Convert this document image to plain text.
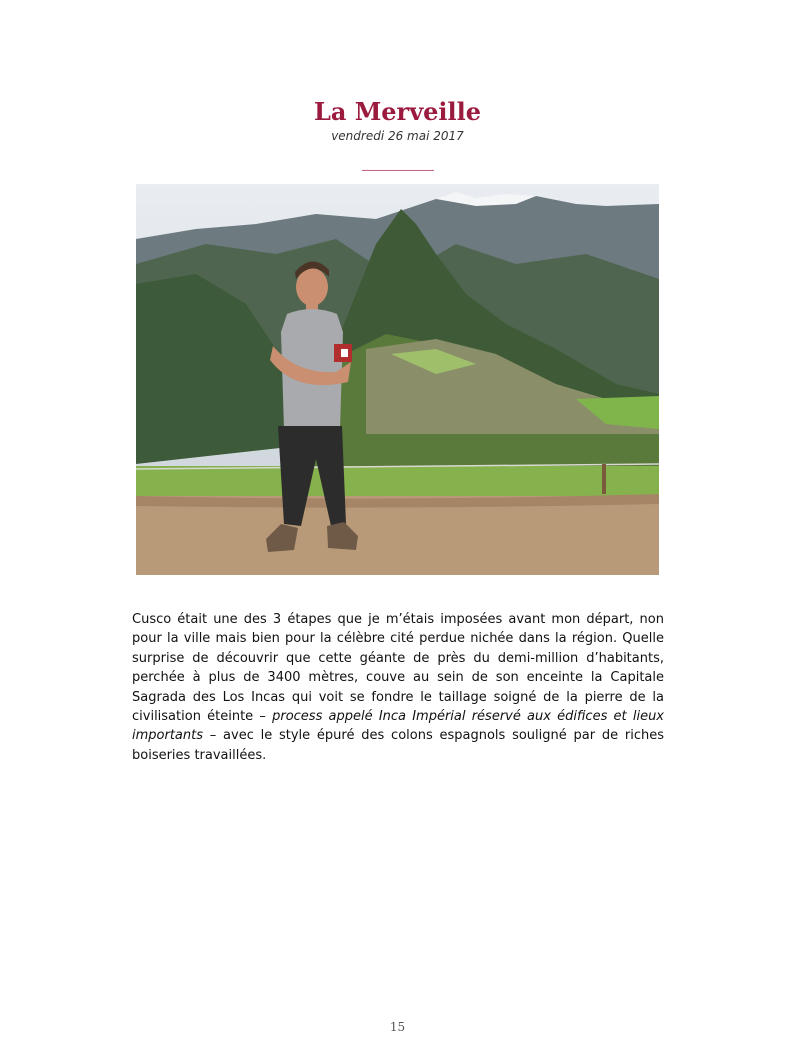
La Merveille
vendredi 26 mai 2017
————————

Cusco était une des 3 étapes que je m’étais imposées avant mon départ, non pour la ville mais bien pour la célèbre cité perdue nichée dans la région. Quelle surprise de découvrir que cette géante de près du demi-million d’habitants, perchée à plus de 3400 mètres, couve au sein de son enceinte la Capitale Sagrada des Los Incas qui voit se fondre le taillage soigné de la pierre de la civilisation éteinte – process appelé Inca Impérial réservé aux édifices et lieux importants – avec le style épuré des colons espagnols souligné par de riches boiseries travaillées.

15
